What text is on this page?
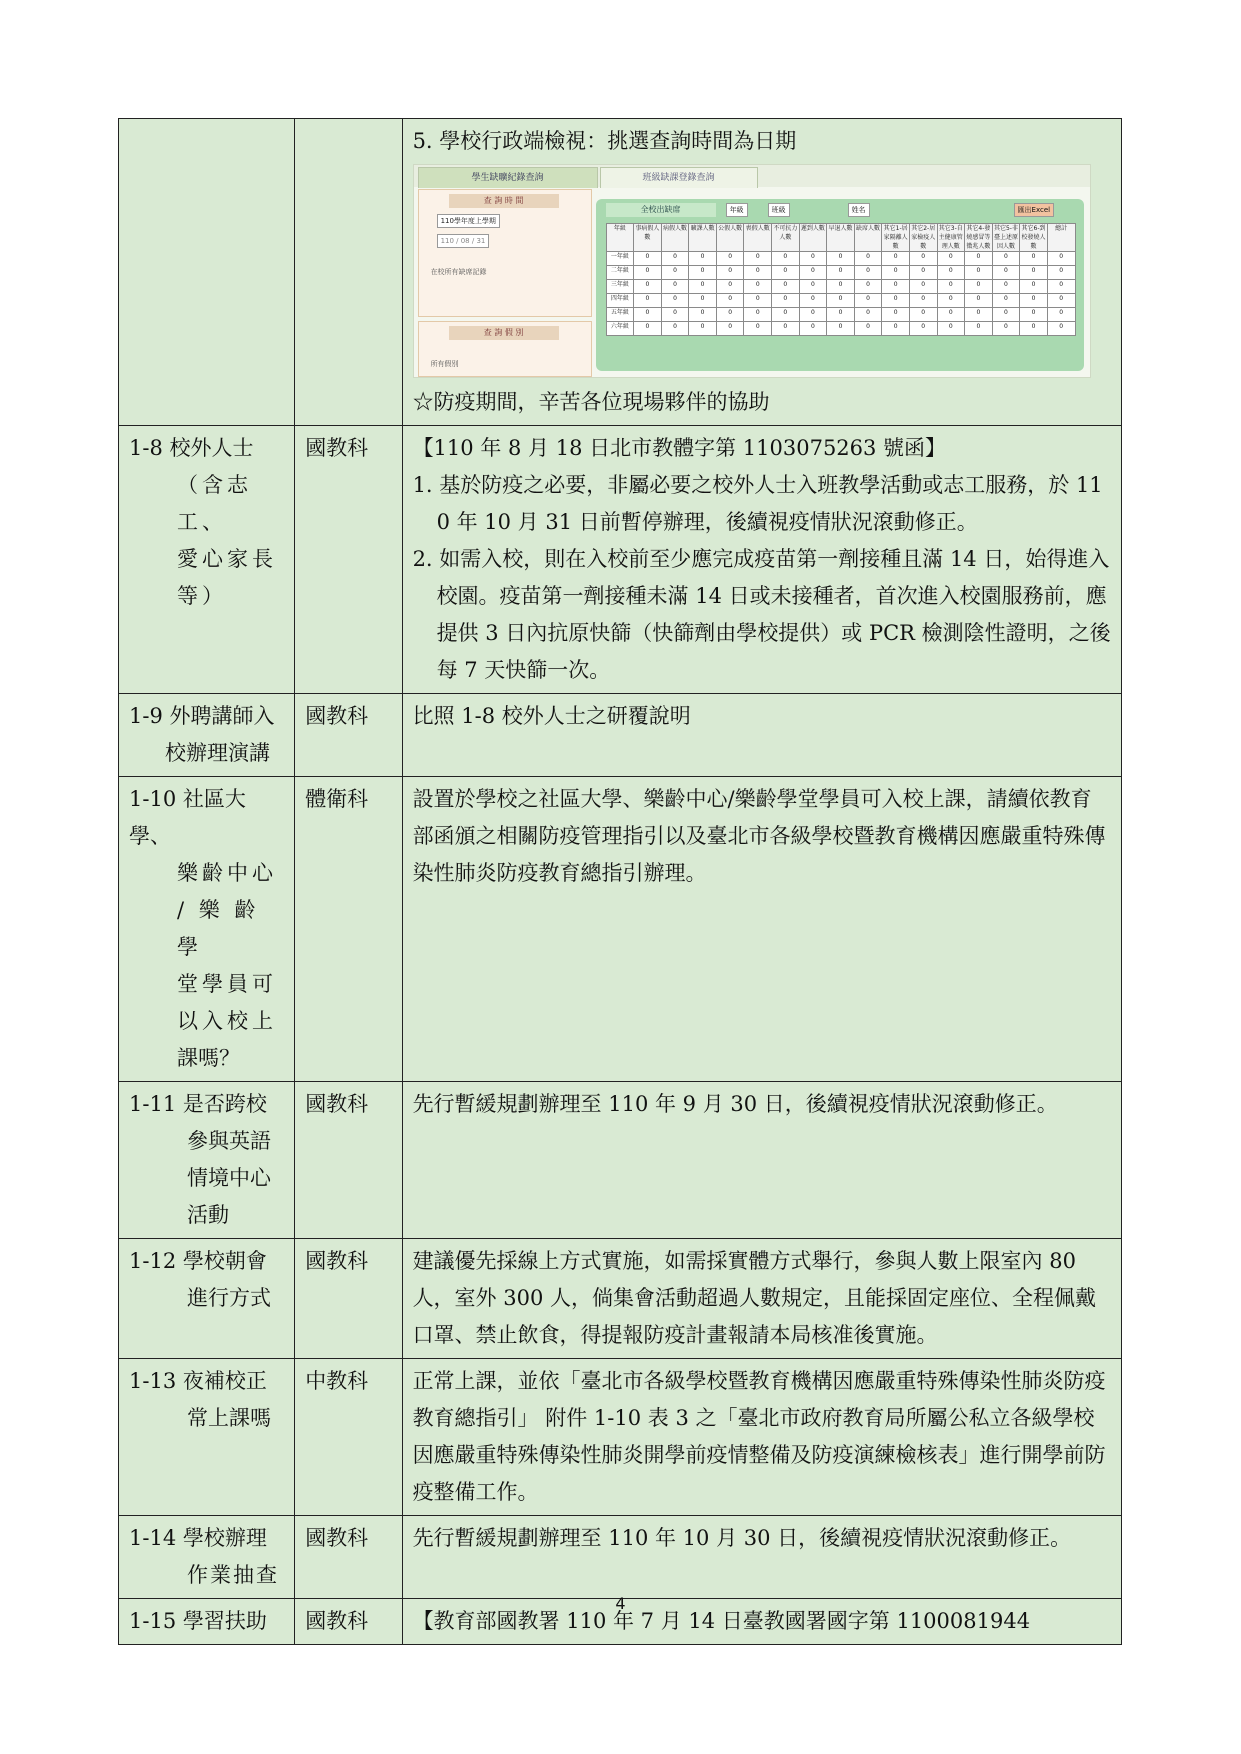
5. 學校行政端檢視：挑選查詢時間為日期

學生缺曠紀錄查詢	班級缺課登錄查詢
查 詢 時 間
110學年度上學期
110 / 08 / 31
在校所有缺席記錄
查 詢 假 別
所有假別
全校出缺席	年級	班級	姓名	匯出Excel
年級	事病假人數	病假人數	曠課人數	公假人數	喪假人數	不可抗力人數	遲到人數	早退人數	缺席人數	其它1-居家隔離人數	其它2-居家檢疫人數	其它3-自主健康管理人數	其它4-發燒感冒等徵兆人數	其它5-非臺上述原因人數	其它6-到校發燒人數	總計
一年級	0	0	0	0	0	0	0	0	0	0	0	0	0	0	0	0
二年級	0	0	0	0	0	0	0	0	0	0	0	0	0	0	0	0
三年級	0	0	0	0	0	0	0	0	0	0	0	0	0	0	0	0
四年級	0	0	0	0	0	0	0	0	0	0	0	0	0	0	0	0
五年級	0	0	0	0	0	0	0	0	0	0	0	0	0	0	0	0
六年級	0	0	0	0	0	0	0	0	0	0	0	0	0	0	0	0

☆防疫期間，辛苦各位現場夥伴的協助

1-8 校外人士
（含志工、
愛心家長
等）
	國教科	【110 年 8 月 18 日北市教體字第 1103075263 號函】

1. 基於防疫之必要，非屬必要之校外人士入班教學活動或志工服務，於 110 年 10 月 31 日前暫停辦理，後續視疫情狀況滾動修正。

2. 如需入校，則在入校前至少應完成疫苗第一劑接種且滿 14 日，始得進入校園。疫苗第一劑接種未滿 14 日或未接種者，首次進入校園服務前，應提供 3 日內抗原快篩（快篩劑由學校提供）或 PCR 檢測陰性證明，之後每 7 天快篩一次。

1-9 外聘講師入
校辦理演講
	國教科	比照 1-8 校外人士之研覆說明

1-10 社區大學、
樂齡中心
/ 樂 齡 學
堂學員可
以入校上
課嗎？
	體衛科	設置於學校之社區大學、樂齡中心/樂齡學堂學員可入校上課，請續依教育部函頒之相關防疫管理指引以及臺北市各級學校暨教育機構因應嚴重特殊傳染性肺炎防疫教育總指引辦理。

1-11 是否跨校
參與英語
情境中心
活動
	國教科	先行暫緩規劃辦理至 110 年 9 月 30 日，後續視疫情狀況滾動修正。

1-12 學校朝會
進行方式
	國教科	建議優先採線上方式實施，如需採實體方式舉行，參與人數上限室內 80 人，室外 300 人，倘集會活動超過人數規定，且能採固定座位、全程佩戴口罩、禁止飲食，得提報防疫計畫報請本局核准後實施。

1-13 夜補校正
常上課嗎
	中教科	正常上課，並依「臺北市各級學校暨教育機構因應嚴重特殊傳染性肺炎防疫教育總指引」 附件 1-10 表 3 之「臺北市政府教育局所屬公私立各級學校因應嚴重特殊傳染性肺炎開學前疫情整備及防疫演練檢核表」進行開學前防疫整備工作。

1-14 學校辦理
作業抽查
	國教科	先行暫緩規劃辦理至 110 年 10 月 30 日，後續視疫情狀況滾動修正。

1-15 學習扶助	國教科	【教育部國教署 110 年 7 月 14 日臺教國署國字第 1100081944
4
